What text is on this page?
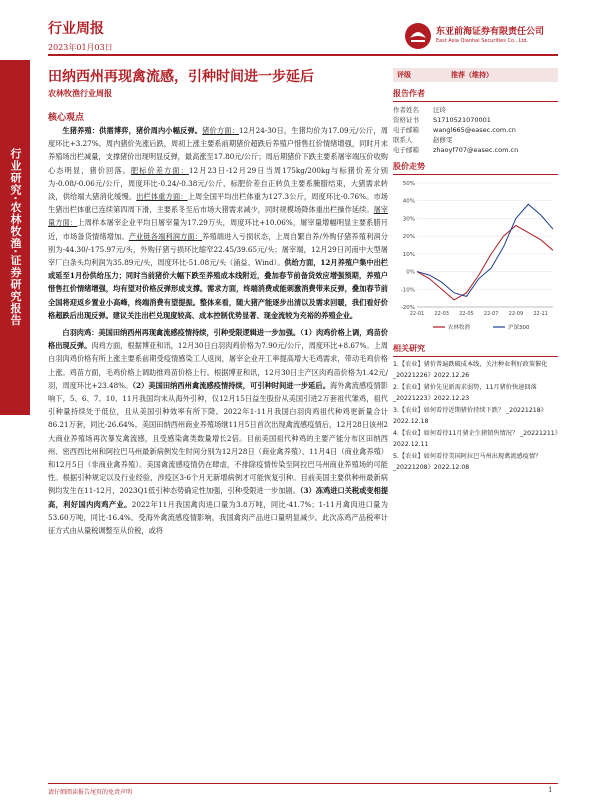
行业周报
2023年01月03日
东亚前海证券有限责任公司
East Asia Qianhai Securities Co., Ltd.
行业研究·农林牧渔·证券研究报告
田纳西州再现禽流感，引种时间进一步延后
农林牧渔行业周报
核心观点

生猪养殖：供需博弈，猪价周内小幅反弹。猪价方面：12月24-30日，生猪均价为17.09元/公斤，周度环比+3.27%。周内猪价先涨后跌，周初上涨主要系前期猪价超跌后养殖户惜售扛价情绪增强，同时月末养殖场出栏减量，支撑猪价出现明显反弹，最高涨至17.80元/公斤；周后期猪价下跌主要系屠宰端压价收购心态明显，猪价回落。肥标价差方面：12月23日-12月29日当周175kg/200kg与标猪价差分别为-0.08/-0.06元/公斤，周度环比-0.24/-0.38元/公斤，标肥价差自正转负主要系腌腊结束，大猪需求转淡，供给端大猪消化缓慢。出栏体重方面：上周全国平均出栏体重为127.3公斤，周度环比-0.76%。市场生猪出栏体重已连续第四周下滑，主要系冬至后市场大猪需求减少，同时规模场降体重出栏操作延续。屠宰量方面：上周样本屠宰企业平均日屠宰量为17.29万头，周度环比+10.06%，屠宰量增幅明显主要系腊月近，市场备货情绪增加。产业链各端利润方面：养殖端进入亏损状态，上周自繁自养/外购仔猪养殖利润分别为-44.30/-175.97元/头，外购仔猪亏损环比缩窄22.45/39.65元/头；屠宰端，12月29日河南中大型屠宰厂白条头均利润为35.89元/头，周度环比-51.08元/头（涌益、Wind）。供给方面，12月养殖户集中出栏或延至1月份供给压力；同时当前猪价大幅下跌至养殖成本线附近，叠加春节前备货效应增强预期，养殖户惜售扛价情绪增强，均有望对价格反弹形成支撑。需求方面，终端消费或能刺激消费带来反弹，叠加春节前全国将迎返乡置业小高峰，终端消费有望提振。整体来看，随大猪产能逐步出清以及需求回暖，我们看好价格超跌后出现反弹。建议关注出栏兑现度较高、成本控制优势显著、现金流较为充裕的养殖企业。

白羽肉鸡：美国田纳西州再现禽流感疫情持续，引种受限逻辑进一步加强。（1）肉鸡价格上调，鸡苗价格出现反弹。肉鸡方面，根据博亚和讯，12月30日白羽肉鸡价格为7.90元/公斤，周度环比+8.67%。上周白羽肉鸡价格有所上涨主要系前期受疫情感染工人返岗，屠宰企业开工率提高增大毛鸡需求，带动毛鸡价格上涨。鸡苗方面，毛鸡价格上调助推鸡苗价格上行。根据博亚和讯，12月30日主产区肉鸡苗价格为1.42元/羽，周度环比+23.48%。（2）美国田纳西州禽流感疫情持续，可引种时间进一步延后。海外禽流感疫情影响下，5、6、7、10、11月我国均未从海外引种，仅12月15日益生股份从美国引进2万套祖代雏鸡，祖代引种量持续处于低位，且从美国引种效率有所下降。2022年1-11月我国白羽肉鸡祖代种鸡更新量合计86.21万套，同比-26.64%。美国田纳西州商业养殖场继11月5日首次出现禽流感疫情后，12月28日该州2大商业养殖场再次暴发禽流感，且受感染禽类数量增长2倍。目前美国祖代种鸡的主要产能分布区田纳西州、密西西比州和阿拉巴马州最新病例发生时间分别为12月28日（商业禽养殖）、11月4日（商业禽养殖）和12月5日（非商业禽养殖）。美国禽流感疫情仍在肆虐，不排除疫情传染至阿拉巴马州商业养殖场的可能性。根据引种规定以及行业经验，涉疫区3-6个月无新增病例才可能恢复引种。目前美国主要供种州最新病例均发生在11-12月，2023Q1低引种态势确定性加强，引种受限进一步加剧。（3）冻鸡进口关税或变相提高，利好国内肉鸡产业。2022年11月我国禽肉进口量为3.8万吨，同比-41.7%；1-11月禽肉进口量为53.60万吨，同比-16.4%。受海外禽流感疫情影响，我国禽肉产品进口量明显减少。此次冻鸡产品税率计征方式由从量税调整至从价税，或将

评级	推荐（维持）
报告作者
作者姓名	汪玲
资格证书	S1710521070001
电子邮箱	wangl665@easec.com.cn
联系人	赵修雯
电子邮箱	zhaoyf707@easec.com.cn
股价走势
-20%
-10%
0%
10%
20%
30%
40%
50%
22-01 22-03 22-05 22-07 22-09 22-11
农林牧渔	沪深300
相关研究
1.【农业】猪价普遍跌破成本线，关注种业利好政策催化 _20221226》2022.12.26
2.【农业】猪价先见新需求弱势，11月猪价快速回落 _20221223》2022.12.23
3.【农业】如何看待近期猪价持续下跌？ _20221218》2022.12.18
4.【农业】如何看待11月猪企生猪销售情况？ _20221211》2022.12.11
5.【农业】如何看待美国阿拉巴马州出现禽流感疫情？ _20221208》2022.12.08
请仔细阅读报告尾页的免责声明	1
